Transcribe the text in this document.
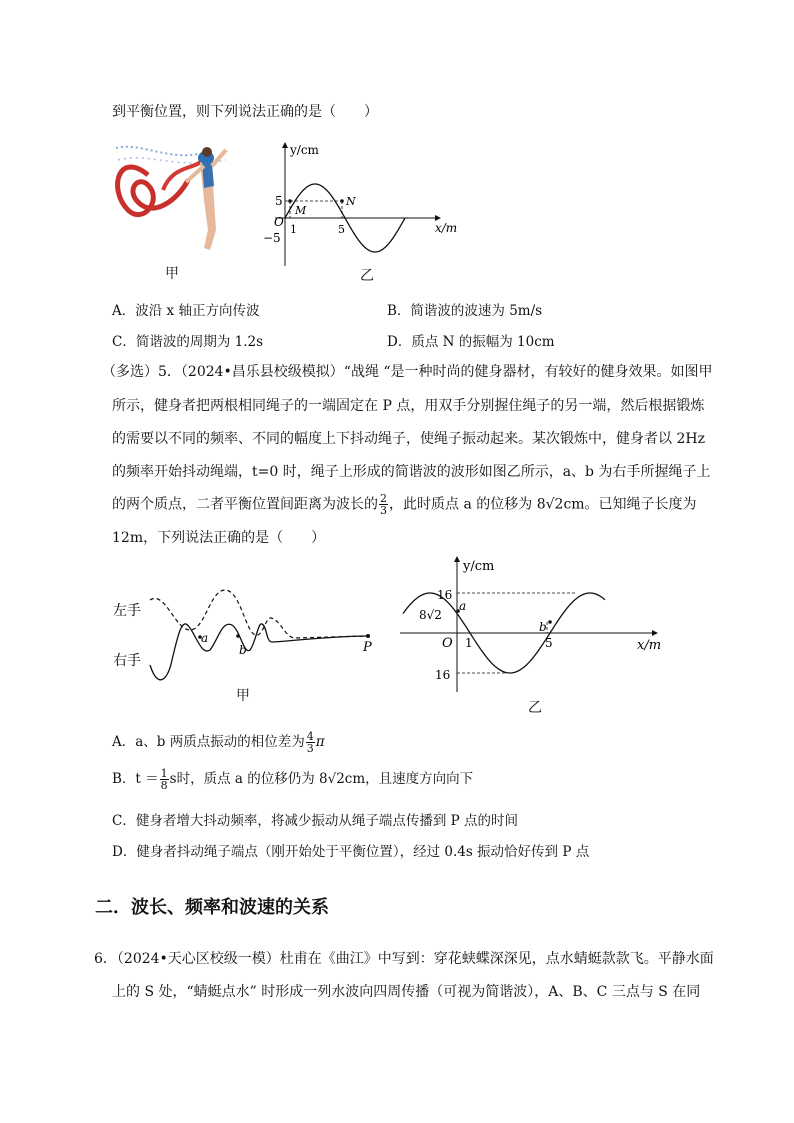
到平衡位置，则下列说法正确的是（　　）
甲
y/cm
x/m
O
5
−5
1	5
M
N
乙
A．波沿 x 轴正方向传波	B．简谐波的波速为 5m/s
C．简谐波的周期为 1.2s	D．质点 N 的振幅为 10cm
（多选）5．（2024•昌乐县校级模拟）“战绳 “是一种时尚的健身器材，有较好的健身效果。如图甲
所示，健身者把两根相同绳子的一端固定在 P 点，用双手分别握住绳子的另一端，然后根据锻炼
的需要以不同的频率、不同的幅度上下抖动绳子，使绳子振动起来。某次锻炼中，健身者以 2Hz
的频率开始抖动绳端，t=0 时，绳子上形成的简谐波的波形如图乙所示，a、b 为右手所握绳子上
的两个质点，二者平衡位置间距离为波长的 $\frac{2}{3}$ ，此时质点 a 的位移为 8√2cm。已知绳子长度为
12m，下列说法正确的是（　　）
左手
右手
a
b	P
甲
y/cm
x/m
O
16
16
8√2
1	5
a
b
乙
A．a、b 两质点振动的相位差为 $\frac{4}{3}$ π
B．$t = \frac{1}{8}$ s时，质点 a 的位移仍为 8√2cm，且速度方向向下
C．健身者增大抖动频率，将减少振动从绳子端点传播到 P 点的时间
D．健身者抖动绳子端点（刚开始处于平衡位置），经过 0.4s 振动恰好传到 P 点
二．波长、频率和波速的关系
6．（2024•天心区校级一模）杜甫在《曲江》中写到：穿花蛱蝶深深见，点水蜻蜓款款飞。平静水面
上的 S 处，“蜻蜓点水” 时形成一列水波向四周传播（可视为简谐波），A、B、C 三点与 S 在同
